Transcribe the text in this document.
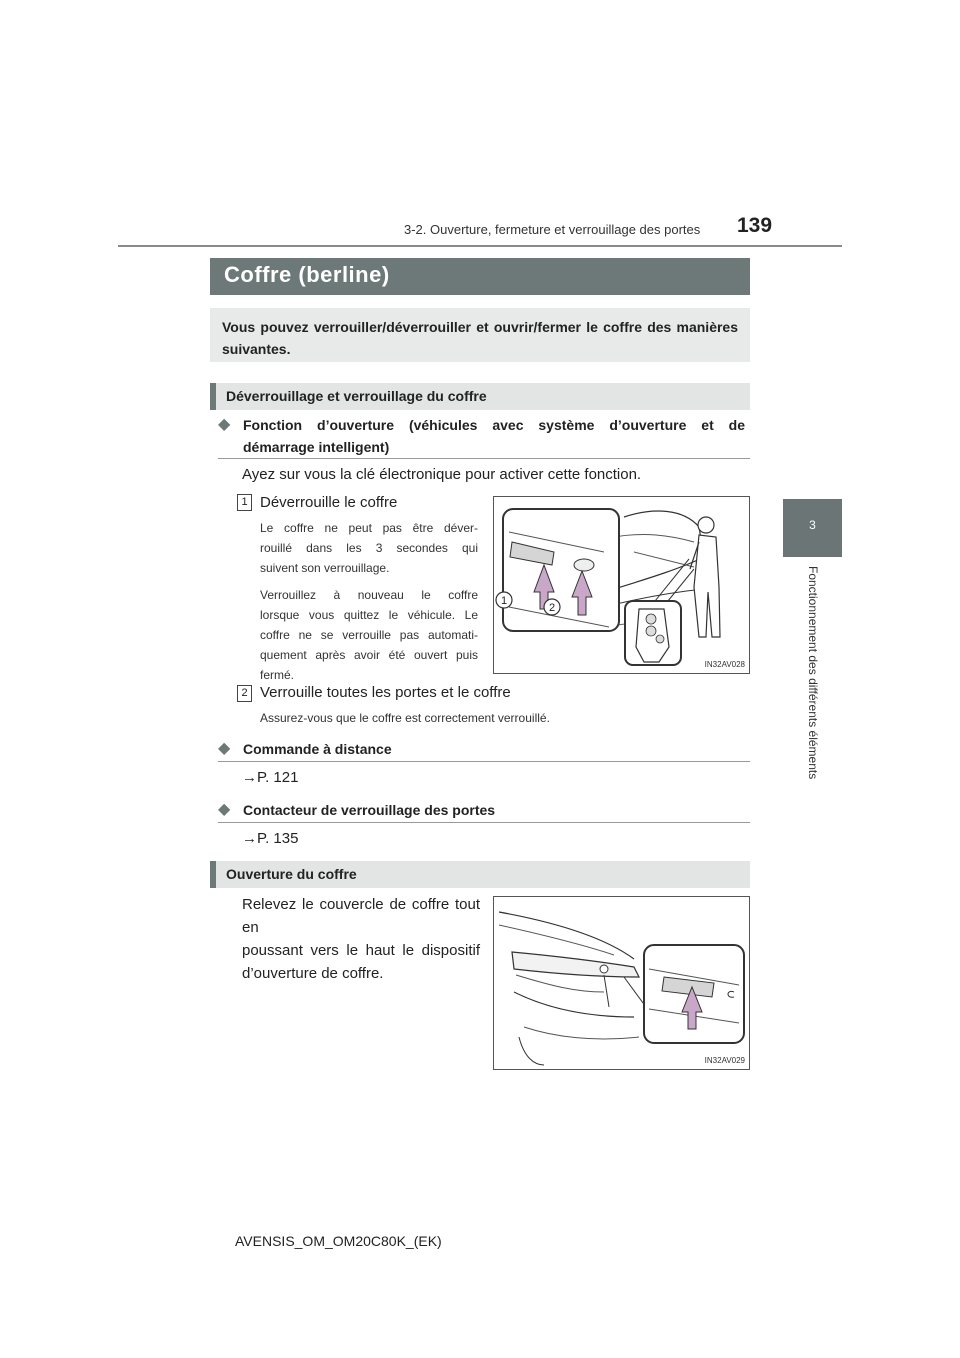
3-2. Ouverture, fermeture et verrouillage des portes 139
3
Fonctionnement des différents éléments
Coffre (berline)
Vous pouvez verrouiller/déverrouiller et ouvrir/fermer le coffre des manières suivantes.
Déverrouillage et verrouillage du coffre
◆ Fonction d’ouverture (véhicules avec système d’ouverture et de
démarrage intelligent)
Ayez sur vous la clé électronique pour activer cette fonction.
1 Déverrouille le coffre
Le coffre ne peut pas être déver-
rouillé dans les 3 secondes qui
suivent son verrouillage.
Verrouillez à nouveau le coffre
lorsque vous quittez le véhicule. Le
coffre ne se verrouille pas automati-
quement après avoir été ouvert puis
fermé.
1
2
IN32AV028
2 Verrouille toutes les portes et le coffre
Assurez-vous que le coffre est correctement verrouillé.
◆ Commande à distance
→P. 121
◆ Contacteur de verrouillage des portes
→P. 135
Ouverture du coffre
Relevez le couvercle de coffre tout en
poussant vers le haut le dispositif
d’ouverture de coffre.
IN32AV029
AVENSIS_OM_OM20C80K_(EK)
